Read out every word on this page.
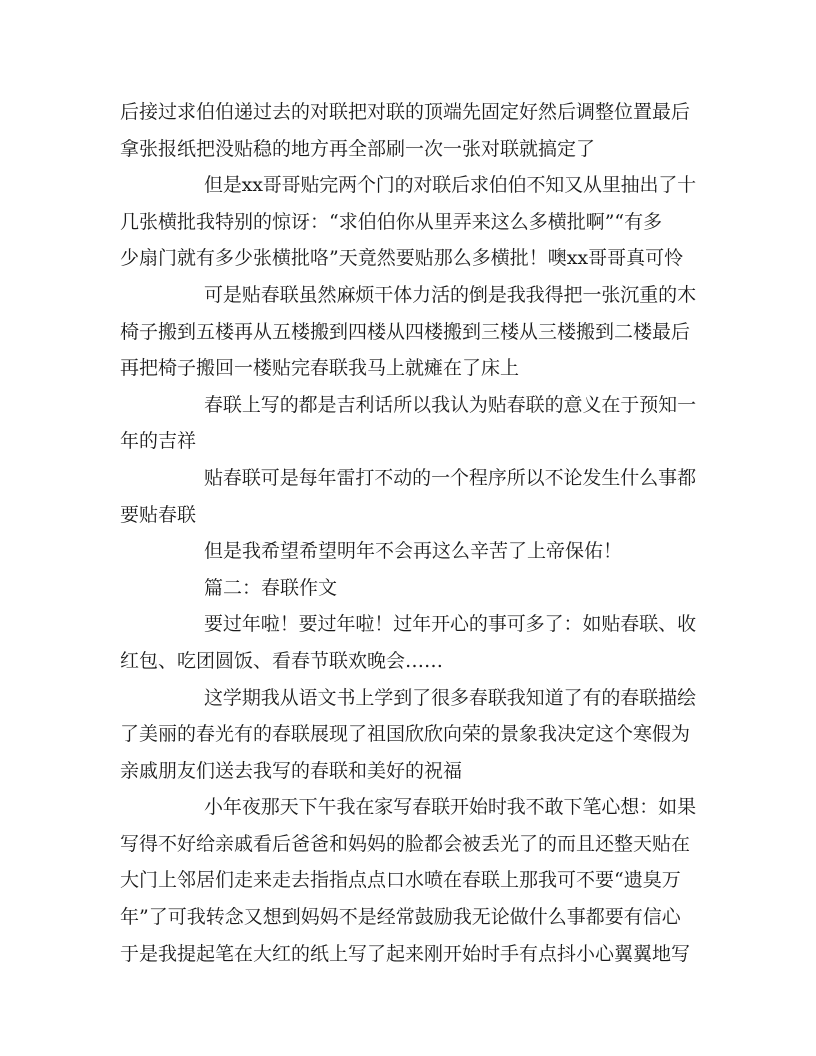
后接过求伯伯递过去的对联把对联的顶端先固定好然后调整位置最后
拿张报纸把没贴稳的地方再全部刷一次一张对联就搞定了
但是xx哥哥贴完两个门的对联后求伯伯不知又从里抽出了十
几张横批我特别的惊讶：“求伯伯你从里弄来这么多横批啊”“有多
少扇门就有多少张横批咯”天竟然要贴那么多横批！噢xx哥哥真可怜
可是贴春联虽然麻烦干体力活的倒是我我得把一张沉重的木
椅子搬到五楼再从五楼搬到四楼从四楼搬到三楼从三楼搬到二楼最后
再把椅子搬回一楼贴完春联我马上就瘫在了床上
春联上写的都是吉利话所以我认为贴春联的意义在于预知一
年的吉祥
贴春联可是每年雷打不动的一个程序所以不论发生什么事都
要贴春联
但是我希望希望明年不会再这么辛苦了上帝保佑！
篇二：春联作文
要过年啦！要过年啦！过年开心的事可多了：如贴春联、收
红包、吃团圆饭、看春节联欢晚会……
这学期我从语文书上学到了很多春联我知道了有的春联描绘
了美丽的春光有的春联展现了祖国欣欣向荣的景象我决定这个寒假为
亲戚朋友们送去我写的春联和美好的祝福
小年夜那天下午我在家写春联开始时我不敢下笔心想：如果
写得不好给亲戚看后爸爸和妈妈的脸都会被丢光了的而且还整天贴在
大门上邻居们走来走去指指点点口水喷在春联上那我可不要“遗臭万
年”了可我转念又想到妈妈不是经常鼓励我无论做什么事都要有信心
于是我提起笔在大红的纸上写了起来刚开始时手有点抖小心翼翼地写
